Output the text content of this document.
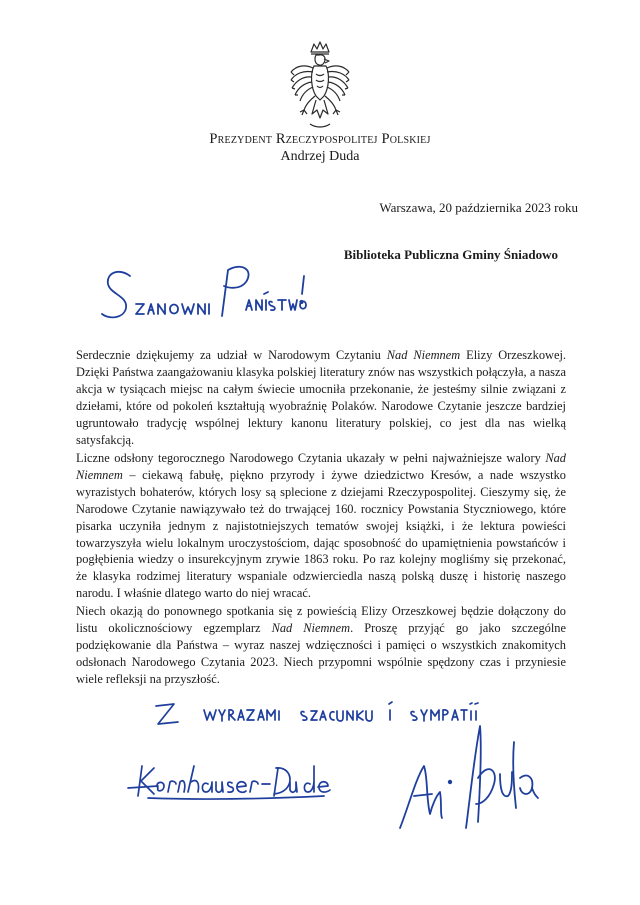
Prezydent Rzeczypospolitej Polskiej
Andrzej Duda
Warszawa, 20 października 2023 roku
Biblioteka Publiczna Gminy Śniadowo

Serdecznie dziękujemy za udział w Narodowym Czytaniu Nad Niemnem Elizy Orzeszkowej. Dzięki Państwa zaangażowaniu klasyka polskiej literatury znów nas wszystkich połączyła, a nasza akcja w tysiącach miejsc na całym świecie umocniła przekonanie, że jesteśmy silnie związani z dziełami, które od pokoleń kształtują wyobraźnię Polaków. Narodowe Czytanie jeszcze bardziej ugruntowało tradycję wspólnej lektury kanonu literatury polskiej, co jest dla nas wielką satysfakcją.

Liczne odsłony tegorocznego Narodowego Czytania ukazały w pełni najważniejsze walory Nad Niemnem – ciekawą fabułę, piękno przyrody i żywe dziedzictwo Kresów, a nade wszystko wyrazistych bohaterów, których losy są splecione z dziejami Rzeczypospolitej. Cieszymy się, że Narodowe Czytanie nawiązywało też do trwającej 160. rocznicy Powstania Styczniowego, które pisarka uczyniła jednym z najistotniejszych tematów swojej książki, i że lektura powieści towarzyszyła wielu lokalnym uroczystościom, dając sposobność do upamiętnienia powstańców i pogłębienia wiedzy o insurekcyjnym zrywie 1863 roku. Po raz kolejny mogliśmy się przekonać, że klasyka rodzimej literatury wspaniale odzwierciedla naszą polską duszę i historię naszego narodu. I właśnie dlatego warto do niej wracać.

Niech okazją do ponownego spotkania się z powieścią Elizy Orzeszkowej będzie dołączony do listu okolicznościowy egzemplarz Nad Niemnem. Proszę przyjąć go jako szczególne podziękowanie dla Państwa – wyraz naszej wdzięczności i pamięci o wszystkich znakomitych odsłonach Narodowego Czytania 2023. Niech przypomni wspólnie spędzony czas i przyniesie wiele refleksji na przyszłość.
